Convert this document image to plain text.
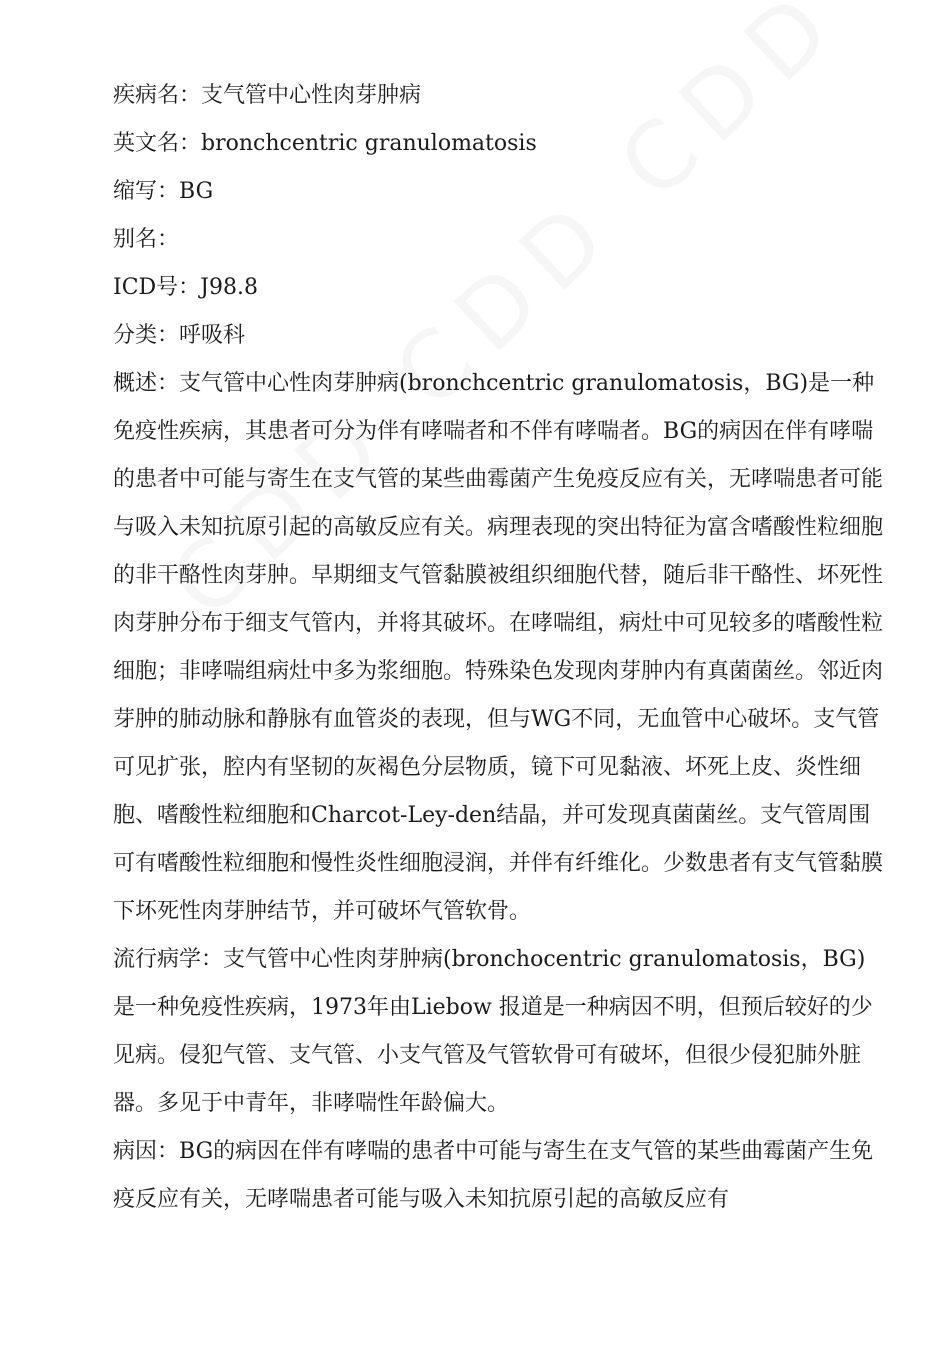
疾病名：支气管中心性肉芽肿病

英文名：bronchcentric granulomatosis

缩写：BG

别名：

ICD号：J98.8

分类：呼吸科

概述：支气管中心性肉芽肿病(bronchcentric granulomatosis，BG)是一种免疫性疾病，其患者可分为伴有哮喘者和不伴有哮喘者。BG的病因在伴有哮喘的患者中可能与寄生在支气管的某些曲霉菌产生免疫反应有关，无哮喘患者可能与吸入未知抗原引起的高敏反应有关。病理表现的突出特征为富含嗜酸性粒细胞的非干酪性肉芽肿。早期细支气管黏膜被组织细胞代替，随后非干酪性、坏死性肉芽肿分布于细支气管内，并将其破坏。在哮喘组，病灶中可见较多的嗜酸性粒细胞；非哮喘组病灶中多为浆细胞。特殊染色发现肉芽肿内有真菌菌丝。邻近肉芽肿的肺动脉和静脉有血管炎的表现，但与WG不同，无血管中心破坏。支气管可见扩张，腔内有坚韧的灰褐色分层物质，镜下可见黏液、坏死上皮、炎性细胞、嗜酸性粒细胞和Charcot-Ley-den结晶，并可发现真菌菌丝。支气管周围可有嗜酸性粒细胞和慢性炎性细胞浸润，并伴有纤维化。少数患者有支气管黏膜下坏死性肉芽肿结节，并可破坏气管软骨。

流行病学：支气管中心性肉芽肿病(bronchocentric granulomatosis，BG)是一种免疫性疾病，1973年由Liebow 报道是一种病因不明，但预后较好的少见病。侵犯气管、支气管、小支气管及气管软骨可有破坏，但很少侵犯肺外脏器。多见于中青年，非哮喘性年龄偏大。

病因：BG的病因在伴有哮喘的患者中可能与寄生在支气管的某些曲霉菌产生免疫反应有关，无哮喘患者可能与吸入未知抗原引起的高敏反应有
